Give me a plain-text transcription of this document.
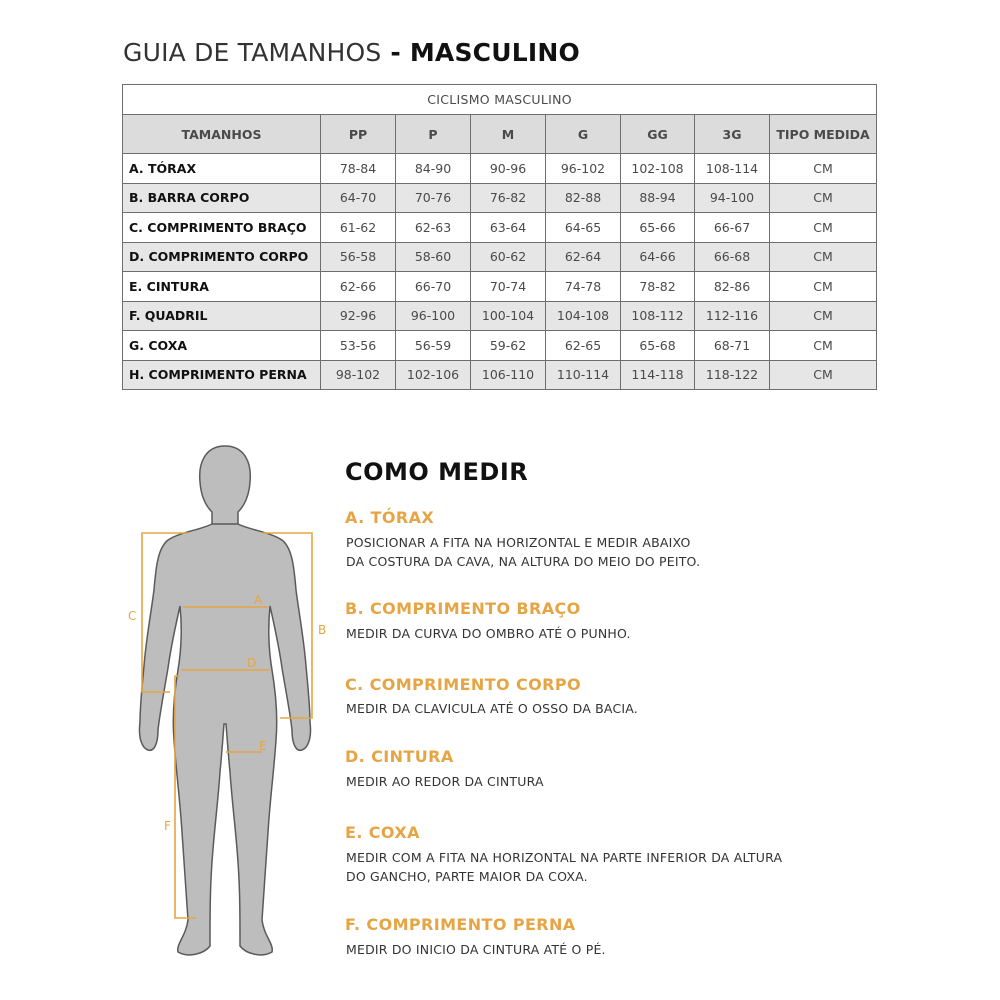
GUIA DE TAMANHOS - MASCULINO
CICLISMO MASCULINO							
TAMANHOS	PP	P	M	G	GG	3G	TIPO MEDIDA
A. TÓRAX	78-84	84-90	90-96	96-102	102-108	108-114	CM
B. BARRA CORPO	64-70	70-76	76-82	82-88	88-94	94-100	CM
C. COMPRIMENTO BRAÇO	61-62	62-63	63-64	64-65	65-66	66-67	CM
D. COMPRIMENTO CORPO	56-58	58-60	60-62	62-64	64-66	66-68	CM
E. CINTURA	62-66	66-70	70-74	74-78	78-82	82-86	CM
F. QUADRIL	92-96	96-100	100-104	104-108	108-112	112-116	CM
G. COXA	53-56	56-59	59-62	62-65	65-68	68-71	CM
H. COMPRIMENTO PERNA	98-102	102-106	106-110	110-114	114-118	118-122	CM
COMO MEDIR
A. TÓRAX
POSICIONAR A FITA NA HORIZONTAL E MEDIR ABAIXO
DA COSTURA DA CAVA, NA ALTURA DO MEIO DO PEITO.
B. COMPRIMENTO BRAÇO
MEDIR DA CURVA DO OMBRO ATÉ O PUNHO.
C. COMPRIMENTO CORPO
MEDIR DA CLAVICULA ATÉ O OSSO DA BACIA.
D. CINTURA
MEDIR AO REDOR DA CINTURA
E. COXA
MEDIR COM A FITA NA HORIZONTAL NA PARTE INFERIOR DA ALTURA
DO GANCHO, PARTE MAIOR DA COXA.
F. COMPRIMENTO PERNA
MEDIR DO INICIO DA CINTURA ATÉ O PÉ.
A
B
C
D
E
F
